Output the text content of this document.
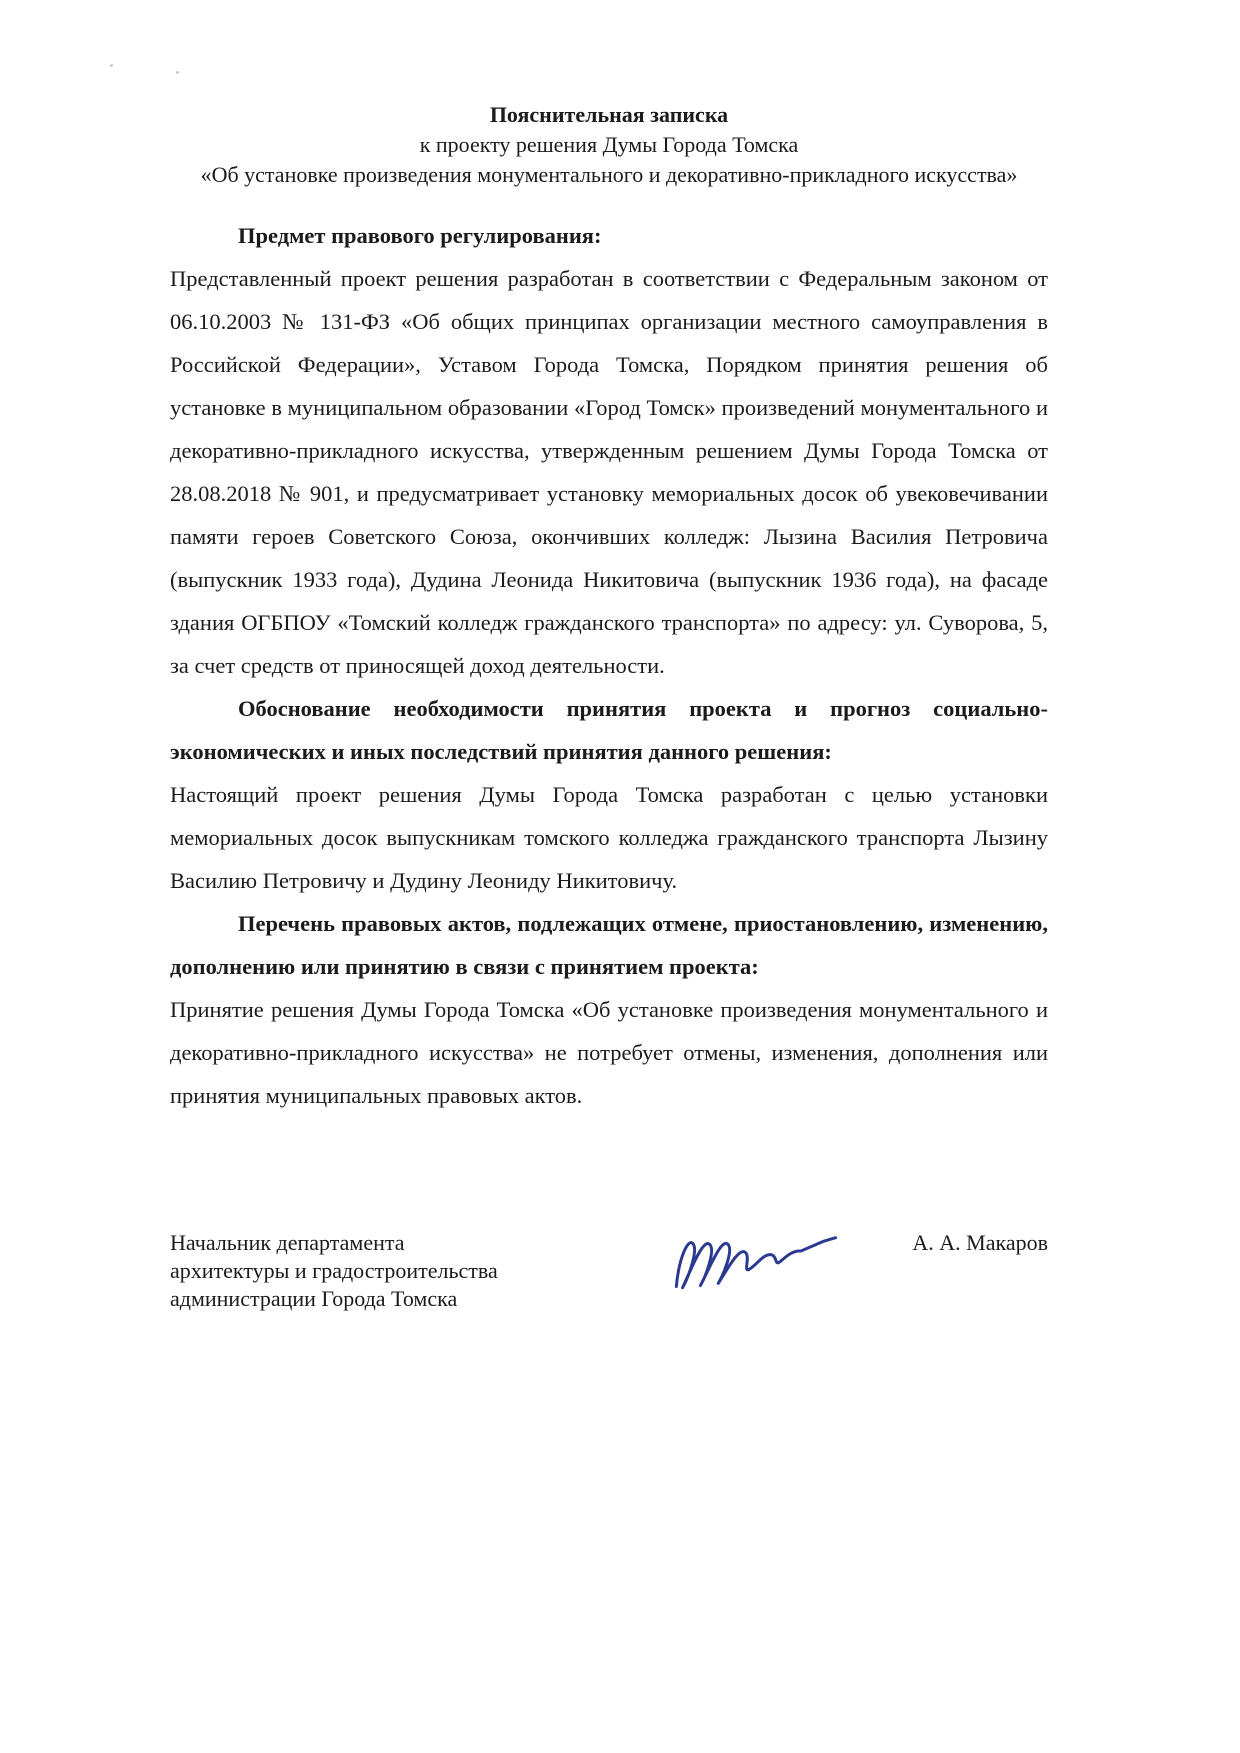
Пояснительная записка
к проекту решения Думы Города Томска
«Об установке произведения монументального и декоративно-прикладного искусства»

Предмет правового регулирования:

Представленный проект решения разработан в соответствии с Федеральным законом от 06.10.2003 № 131-ФЗ «Об общих принципах организации местного самоуправления в Российской Федерации», Уставом Города Томска, Порядком принятия решения об установке в муниципальном образовании «Город Томск» произведений монументального и декоративно-прикладного искусства, утвержденным решением Думы Города Томска от 28.08.2018 № 901, и предусматривает установку мемориальных досок об увековечивании памяти героев Советского Союза, окончивших колледж: Лызина Василия Петровича (выпускник 1933 года), Дудина Леонида Никитовича (выпускник 1936 года), на фасаде здания ОГБПОУ «Томский колледж гражданского транспорта» по адресу: ул. Суворова, 5, за счет средств от приносящей доход деятельности.

Обоснование необходимости принятия проекта и прогноз социально-экономических и иных последствий принятия данного решения:

Настоящий проект решения Думы Города Томска разработан с целью установки мемориальных досок выпускникам томского колледжа гражданского транспорта Лызину Василию Петровичу и Дудину Леониду Никитовичу.

Перечень правовых актов, подлежащих отмене, приостановлению, изменению, дополнению или принятию в связи с принятием проекта:

Принятие решения Думы Города Томска «Об установке произведения монументального и декоративно-прикладного искусства» не потребует отмены, изменения, дополнения или принятия муниципальных правовых актов.

Начальник департамента
архитектуры и градостроительства
администрации Города Томска
А. А. Макаров
